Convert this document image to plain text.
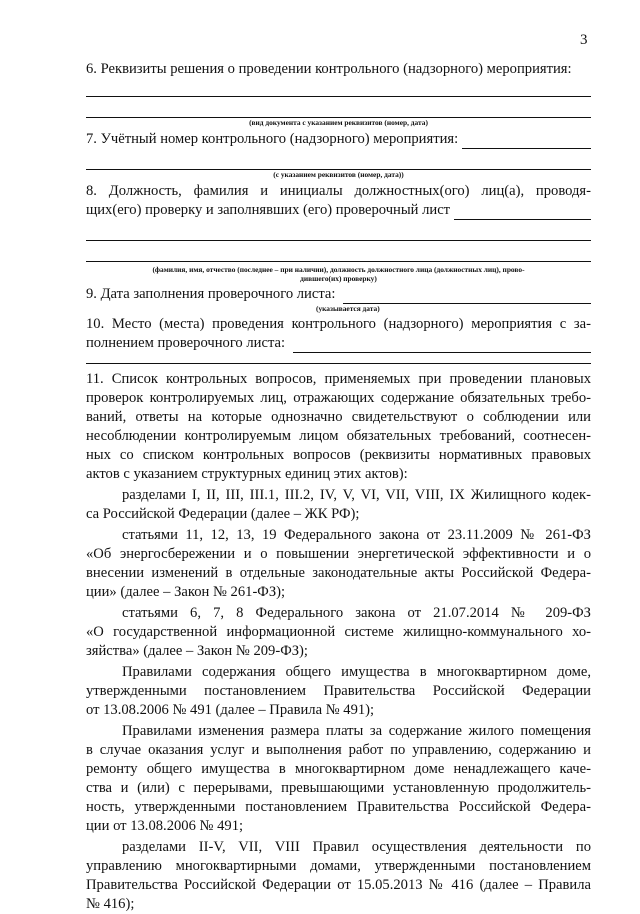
3
6. Реквизиты решения о проведении контрольного (надзорного) мероприятия:
(вид документа с указанием реквизитов (номер, дата)
7. Учётный номер контрольного (надзорного) мероприятия:
(с указанием реквизитов (номер, дата))
8. Должность, фамилия и инициалы должностных(ого) лиц(а), проводя-
щих(его) проверку и заполнявших (его) проверочный лист
(фамилия, имя, отчество (последнее – при наличии), должность должностного лица (должностных лиц), прово-
дившего(их) проверку)
9. Дата заполнения проверочного листа:
(указывается дата)
10. Место (места) проведения контрольного (надзорного) мероприятия с за-
полнением проверочного листа:
11. Список контрольных вопросов, применяемых при проведении плановых
проверок контролируемых лиц, отражающих содержание обязательных требо-
ваний, ответы на которые однозначно свидетельствуют о соблюдении или
несоблюдении контролируемым лицом обязательных требований, соотнесен-
ных со списком контрольных вопросов (реквизиты нормативных правовых
актов с указанием структурных единиц этих актов):
разделами I, II, III, III.1, III.2, IV, V, VI, VII, VIII, IX Жилищного кодек-
са Российской Федерации (далее – ЖК РФ);
статьями 11, 12, 13, 19 Федерального закона от 23.11.2009 № 261-ФЗ
«Об энергосбережении и о повышении энергетической эффективности и о
внесении изменений в отдельные законодательные акты Российской Федера-
ции» (далее – Закон № 261-ФЗ);
статьями 6, 7, 8 Федерального закона от 21.07.2014 № 209-ФЗ
«О государственной информационной системе жилищно-коммунального хо-
зяйства» (далее – Закон № 209-ФЗ);
Правилами содержания общего имущества в многоквартирном доме,
утвержденными постановлением Правительства Российской Федерации
от 13.08.2006 № 491 (далее – Правила № 491);
Правилами изменения размера платы за содержание жилого помещения
в случае оказания услуг и выполнения работ по управлению, содержанию и
ремонту общего имущества в многоквартирном доме ненадлежащего каче-
ства и (или) с перерывами, превышающими установленную продолжитель-
ность, утвержденными постановлением Правительства Российской Федера-
ции от 13.08.2006 № 491;
разделами II-V, VII, VIII Правил осуществления деятельности по
управлению многоквартирными домами, утвержденными постановлением
Правительства Российской Федерации от 15.05.2013 № 416 (далее – Правила
№ 416);
